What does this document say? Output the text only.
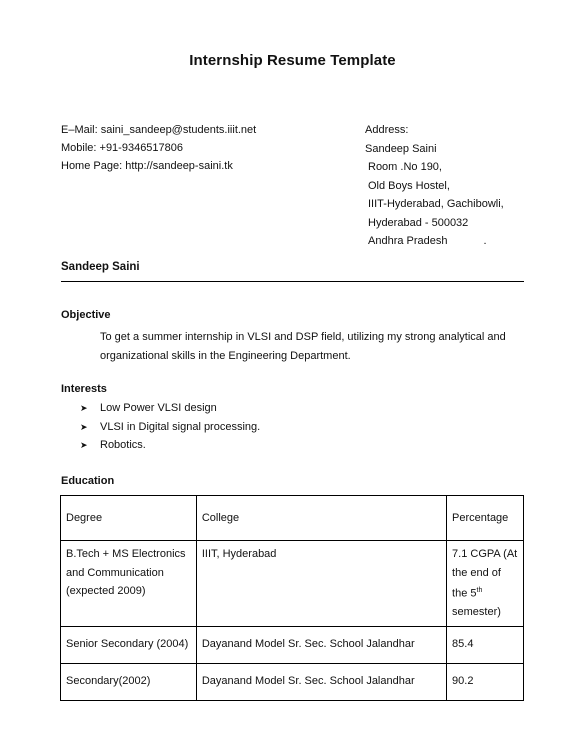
Internship Resume Template
E–Mail: saini_sandeep@students.iiit.net
Mobile: +91-9346517806
Home Page: http://sandeep-saini.tk
Address:
Sandeep Saini
Room .No 190,
Old Boys Hostel,
IIIT-Hyderabad, Gachibowli,
Hyderabad - 500032
Andhra Pradesh	.
Sandeep Saini
Objective
To get a summer internship in VLSI and DSP field, utilizing my strong analytical and organizational skills in the Engineering Department.
Interests
➤	Low Power VLSI design
➤	VLSI in Digital signal processing.
➤	Robotics.
Education
Degree	College	Percentage
B.Tech + MS Electronics and Communication (expected 2009)	IIIT, Hyderabad	7.1 CGPA (At the end of the 5th semester)
Senior Secondary (2004)	Dayanand Model Sr. Sec. School Jalandhar	85.4
Secondary(2002)	Dayanand Model Sr. Sec. School Jalandhar	90.2
